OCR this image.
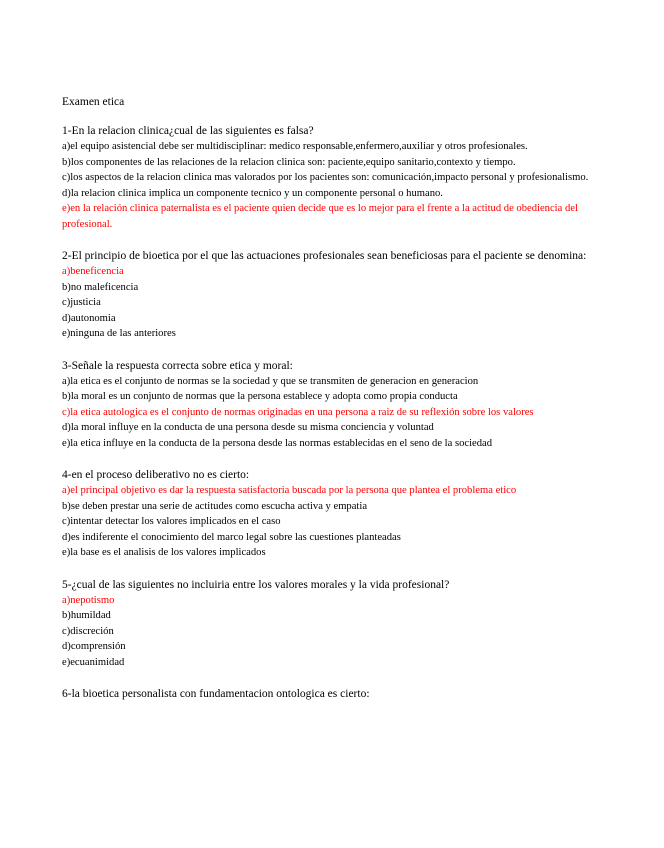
Examen etica

1-En la relacion clinica¿cual de las siguientes es falsa?

a)el equipo asistencial debe ser multidisciplinar: medico responsable,enfermero,auxiliar y otros profesionales.

b)los componentes de las relaciones de la relacion clinica son: paciente,equipo sanitario,contexto y tiempo.

c)los aspectos de la relacion clinica mas valorados por los pacientes son: comunicación,impacto personal y profesionalismo.

d)la relacion clinica implica un componente tecnico y un componente personal o humano.

e)en la relación clinica paternalista es el paciente quien decide que es lo mejor para el frente a la actitud de obediencia del profesional.

2-El principio de bioetica por el que las actuaciones profesionales sean beneficiosas para el paciente se denomina:

a)beneficencia

b)no maleficencia

c)justicia

d)autonomia

e)ninguna de las anteriores

3-Señale la respuesta correcta sobre etica y moral:

a)la etica es el conjunto de normas se la sociedad y que se transmiten de generacion en generacion

b)la moral es un conjunto de normas que la persona establece y adopta como propia conducta

c)la etica autologica es el conjunto de normas originadas en una persona a raiz de su reflexión sobre los valores

d)la moral influye en la conducta de una persona desde su misma conciencia y voluntad

e)la etica influye en la conducta de la persona desde las normas establecidas en el seno de la sociedad

4-en el proceso deliberativo no es cierto:

a)el principal objetivo es dar la respuesta satisfactoria buscada por la persona que plantea el problema etico

b)se deben prestar una serie de actitudes como escucha activa y empatia

c)intentar detectar los valores implicados en el caso

d)es indiferente el conocimiento del marco legal sobre las cuestiones planteadas

e)la base es el analisis de los valores implicados

5-¿cual de las siguientes no incluiria entre los valores morales y la vida profesional?

a)nepotismo

b)humildad

c)discreción

d)comprensión

e)ecuanimidad

6-la bioetica personalista con fundamentacion ontologica es cierto:
